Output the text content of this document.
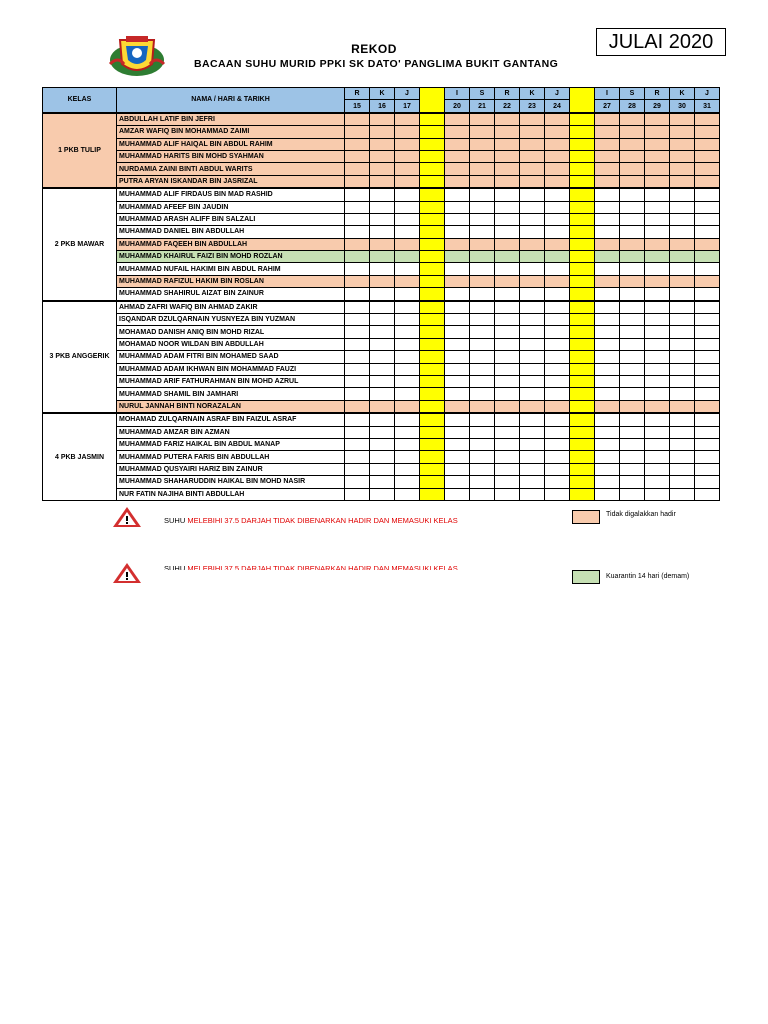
REKOD
BACAAN SUHU MURID PPKI SK DATO' PANGLIMA BUKIT GANTANG
JULAI 2020
KELAS	NAMA / HARI & TARIKH	R	K	J		I	S	R	K	J		I	S	R	K	J
		15	16	17		20	21	22	23	24		27	28	29	30	31
1 PKB TULIP	ABDULLAH LATIF BIN JEFRI															
	AMZAR WAFIQ BIN MOHAMMAD ZAIMI															
	MUHAMMAD ALIF HAIQAL BIN ABDUL RAHIM															
	MUHAMMAD HARITS BIN MOHD SYAHMAN															
	NURDAMIA ZAINI BINTI ABDUL WARITS															
	PUTRA ARYAN ISKANDAR BIN JASRIZAL															
2 PKB MAWAR	MUHAMMAD ALIF FIRDAUS BIN MAD RASHID															
	MUHAMMAD AFEEF BIN JAUDIN															
	MUHAMMAD ARASH ALIFF BIN SALZALI															
	MUHAMMAD DANIEL BIN ABDULLAH															
	MUHAMMAD FAQEEH BIN ABDULLAH															
	MUHAMMAD KHAIRUL FAIZI BIN MOHD ROZLAN															
	MUHAMMAD NUFAIL HAKIMI BIN ABDUL RAHIM															
	MUHAMMAD RAFIZUL HAKIM BIN ROSLAN															
	MUHAMMAD SHAHIRUL AIZAT BIN ZAINUR															
3 PKB ANGGERIK	AHMAD ZAFRI WAFIQ BIN AHMAD ZAKIR															
	ISQANDAR DZULQARNAIN YUSNYEZA BIN YUZMAN															
	MOHAMAD DANISH ANIQ BIN MOHD RIZAL															
	MOHAMAD NOOR WILDAN BIN ABDULLAH															
	MUHAMMAD ADAM FITRI BIN MOHAMED SAAD															
	MUHAMMAD ADAM IKHWAN BIN MOHAMMAD FAUZI															
	MUHAMMAD ARIF FATHURAHMAN BIN MOHD AZRUL															
	MUHAMMAD SHAMIL BIN JAMHARI															
	NURUL JANNAH BINTI NORAZALAN															
4 PKB JASMIN	MOHAMAD ZULQARNAIN ASRAF BIN FAIZUL ASRAF															
	MUHAMMAD AMZAR BIN AZMAN															
	MUHAMMAD FARIZ HAIKAL BIN ABDUL MANAP															
	MUHAMMAD PUTERA FARIS BIN ABDULLAH															
	MUHAMMAD QUSYAIRI HARIZ BIN ZAINUR															
	MUHAMMAD SHAHARUDDIN HAIKAL BIN MOHD NASIR															
	NUR FATIN NAJIHA BINTI ABDULLAH															
SUHU MELEBIHI 37.5 DARJAH TIDAK DIBENARKAN HADIR DAN MEMASUKI KELAS
SUHU MELEBIHI 37.5 DARJAH TIDAK DIBENARKAN HADIR DAN MEMASUKI KELAS
Tidak digalakkan hadir
Kuarantin 14 hari (demam)
